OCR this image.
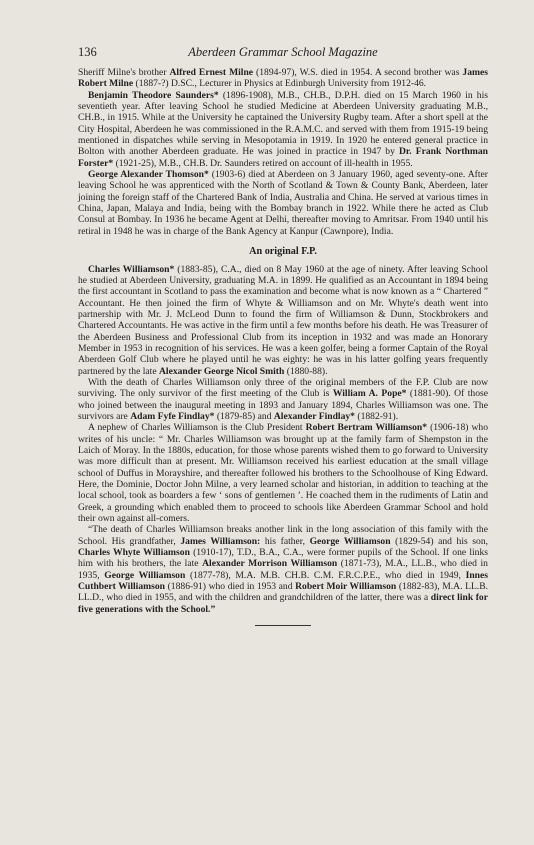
136	Aberdeen Grammar School Magazine

Sheriff Milne's brother Alfred Ernest Milne (1894-97), W.S. died in 1954. A second brother was James Robert Milne (1887-?) D.SC., Lecturer in Physics at Edinburgh University from 1912-46.

Benjamin Theodore Saunders* (1896-1908), M.B., CH.B., D.P.H. died on 15 March 1960 in his seventieth year. After leaving School he studied Medicine at Aberdeen University graduating M.B., CH.B., in 1915. While at the University he captained the University Rugby team. After a short spell at the City Hospital, Aberdeen he was commissioned in the R.A.M.C. and served with them from 1915-19 being mentioned in dispatches while serving in Mesopotamia in 1919. In 1920 he entered general practice in Bolton with another Aberdeen graduate. He was joined in practice in 1947 by Dr. Frank Northman Forster* (1921-25), M.B., CH.B. Dr. Saunders retired on account of ill-health in 1955.

George Alexander Thomson* (1903-6) died at Aberdeen on 3 January 1960, aged seventy-one. After leaving School he was apprenticed with the North of Scotland & Town & County Bank, Aberdeen, later joining the foreign staff of the Chartered Bank of India, Australia and China. He served at various times in China, Japan, Malaya and India, being with the Bombay branch in 1922. While there he acted as Club Consul at Bombay. In 1936 he became Agent at Delhi, thereafter moving to Amritsar. From 1940 until his retiral in 1948 he was in charge of the Bank Agency at Kanpur (Cawnpore), India.

An original F.P.

Charles Williamson* (1883-85), C.A., died on 8 May 1960 at the age of ninety. After leaving School he studied at Aberdeen University, graduating M.A. in 1899. He qualified as an Accountant in 1894 being the first accountant in Scotland to pass the examination and become what is now known as a “ Chartered ” Accountant. He then joined the firm of Whyte & Williamson and on Mr. Whyte's death went into partnership with Mr. J. McLeod Dunn to found the firm of Williamson & Dunn, Stockbrokers and Chartered Accountants. He was active in the firm until a few months before his death. He was Treasurer of the Aberdeen Business and Professional Club from its inception in 1932 and was made an Honorary Member in 1953 in recognition of his services. He was a keen golfer, being a former Captain of the Royal Aberdeen Golf Club where he played until he was eighty: he was in his latter golfing years frequently partnered by the late Alexander George Nicol Smith (1880-88).

With the death of Charles Williamson only three of the original members of the F.P. Club are now surviving. The only survivor of the first meeting of the Club is William A. Pope* (1881-90). Of those who joined between the inaugural meeting in 1893 and January 1894, Charles Williamson was one. The survivors are Adam Fyfe Findlay* (1879-85) and Alexander Findlay* (1882-91).

A nephew of Charles Williamson is the Club President Robert Bertram Williamson* (1906-18) who writes of his uncle: “ Mr. Charles Williamson was brought up at the family farm of Shempston in the Laich of Moray. In the 1880s, education, for those whose parents wished them to go forward to University was more difficult than at present. Mr. Williamson received his earliest education at the small village school of Duffus in Morayshire, and thereafter followed his brothers to the Schoolhouse of King Edward. Here, the Dominie, Doctor John Milne, a very learned scholar and historian, in addition to teaching at the local school, took as boarders a few ‘ sons of gentlemen ’. He coached them in the rudiments of Latin and Greek, a grounding which enabled them to proceed to schools like Aberdeen Grammar School and hold their own against all-comers.

“The death of Charles Williamson breaks another link in the long association of this family with the School. His grandfather, James Williamson: his father, George Williamson (1829-54) and his son, Charles Whyte Williamson (1910-17), T.D., B.A., C.A., were former pupils of the School. If one links him with his brothers, the late Alexander Morrison Williamson (1871-73), M.A., LL.B., who died in 1935, George Williamson (1877-78), M.A. M.B. CH.B. C.M. F.R.C.P.E., who died in 1949, Innes Cuthbert Williamson (1886-91) who died in 1953 and Robert Moir Williamson (1882-83), M.A. LL.B. LL.D., who died in 1955, and with the children and grandchildren of the latter, there was a direct link for five generations with the School.”
